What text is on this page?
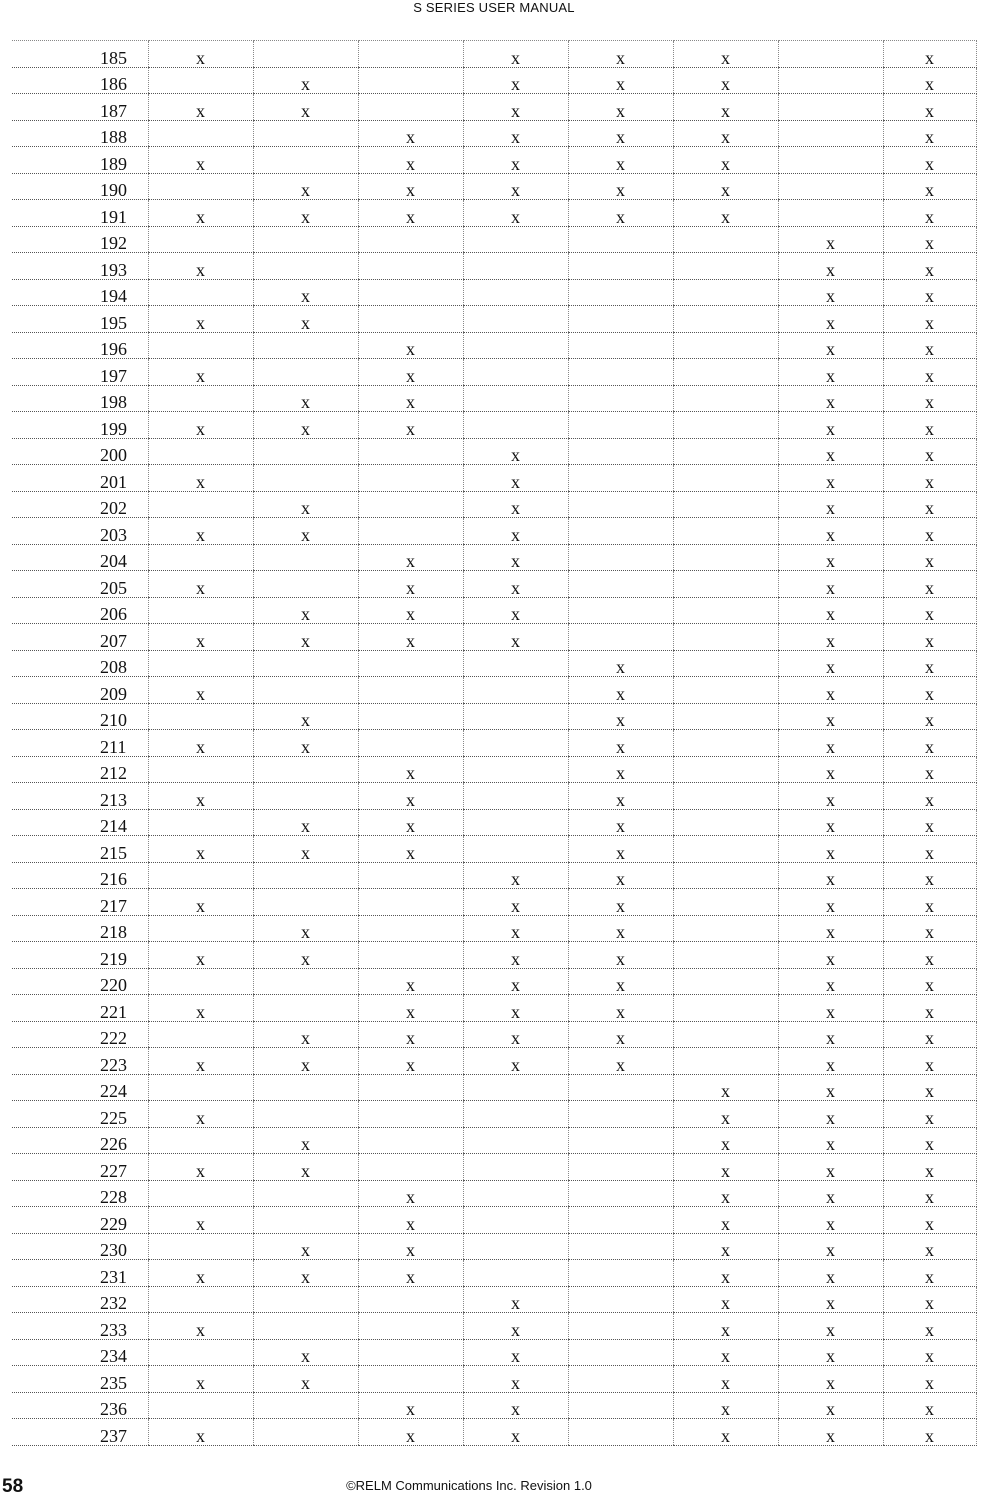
S SERIES USER MANUAL
185	x			x	x	x		x
186		x		x	x	x		x
187	x	x		x	x	x		x
188			x	x	x	x		x
189	x		x	x	x	x		x
190		x	x	x	x	x		x
191	x	x	x	x	x	x		x
192							x	x
193	x						x	x
194		x					x	x
195	x	x					x	x
196			x				x	x
197	x		x				x	x
198		x	x				x	x
199	x	x	x				x	x
200				x			x	x
201	x			x			x	x
202		x		x			x	x
203	x	x		x			x	x
204			x	x			x	x
205	x		x	x			x	x
206		x	x	x			x	x
207	x	x	x	x			x	x
208					x		x	x
209	x				x		x	x
210		x			x		x	x
211	x	x			x		x	x
212			x		x		x	x
213	x		x		x		x	x
214		x	x		x		x	x
215	x	x	x		x		x	x
216				x	x		x	x
217	x			x	x		x	x
218		x		x	x		x	x
219	x	x		x	x		x	x
220			x	x	x		x	x
221	x		x	x	x		x	x
222		x	x	x	x		x	x
223	x	x	x	x	x		x	x
224						x	x	x
225	x					x	x	x
226		x				x	x	x
227	x	x				x	x	x
228			x			x	x	x
229	x		x			x	x	x
230		x	x			x	x	x
231	x	x	x			x	x	x
232				x		x	x	x
233	x			x		x	x	x
234		x		x		x	x	x
235	x	x		x		x	x	x
236			x	x		x	x	x
237	x		x	x		x	x	x
58	©RELM Communications Inc. Revision 1.0
